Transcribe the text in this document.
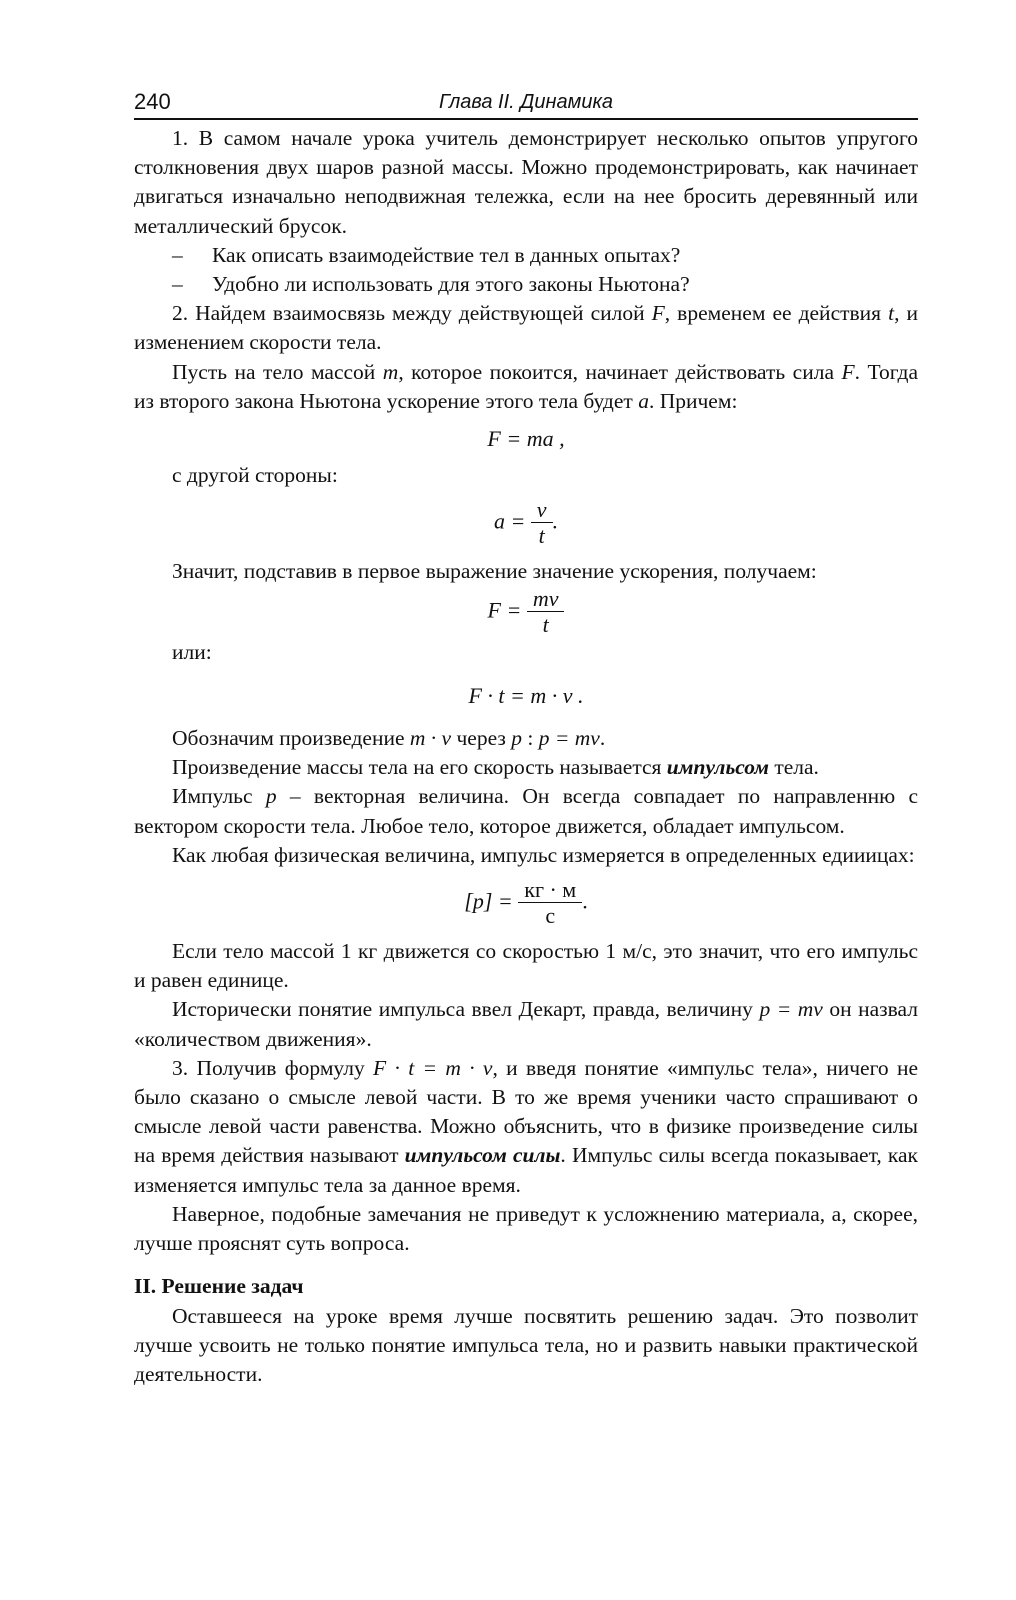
240	Глава II. Динамика

1. В самом начале урока учитель демонстрирует несколько опытов упругого столкновения двух шаров разной массы. Можно продемонстрировать, как начинает двигаться изначально неподвижная тележка, если на нее бросить деревянный или металлический брусок.

– Как описать взаимодействие тел в данных опытах?

– Удобно ли использовать для этого законы Ньютона?

2. Найдем взаимосвязь между действующей силой F, временем ее действия t, и изменением скорости тела.

Пусть на тело массой m, которое покоится, начинает действовать сила F. Тогда из второго закона Ньютона ускорение этого тела будет a. Причем:

F = ma ,

с другой стороны:

$a = \frac{v}{t}$ .

Значит, подставив в первое выражение значение ускорения, получаем:

$F = \frac{mv}{t}$

или:

F · t = m · v .

Обозначим произведение m · v через p : p = mv.

Произведение массы тела на его скорость называется импульсом тела.

Импульс p – векторная величина. Он всегда совпадает по направленню с вектором скорости тела. Любое тело, которое движется, обладает импульсом.

Как любая физическая величина, импульс измеряется в определенных едииицах:

$[p] = \frac{кг \cdot м}{с}$ .

Если тело массой 1 кг движется со скоростью 1 м/с, это значит, что его импульс и равен единице.

Исторически понятие импульса ввел Декарт, правда, величину p = mv он назвал «количеством движения».

3. Получив формулу F · t = m · v, и введя понятие «импульс тела», ничего не было сказано о смысле левой части. В то же время ученики часто спрашивают о смысле левой части равенства. Можно объяснить, что в физике произведение силы на время действия называют импульсом силы. Импульс силы всегда показывает, как изменяется импульс тела за данное время.

Наверное, подобные замечания не приведут к усложнению материала, а, скорее, лучше прояснят суть вопроса.

II. Решение задач

Оставшееся на уроке время лучше посвятить решению задач. Это позволит лучше усвоить не только понятие импульса тела, но и развить навыки практической деятельности.
